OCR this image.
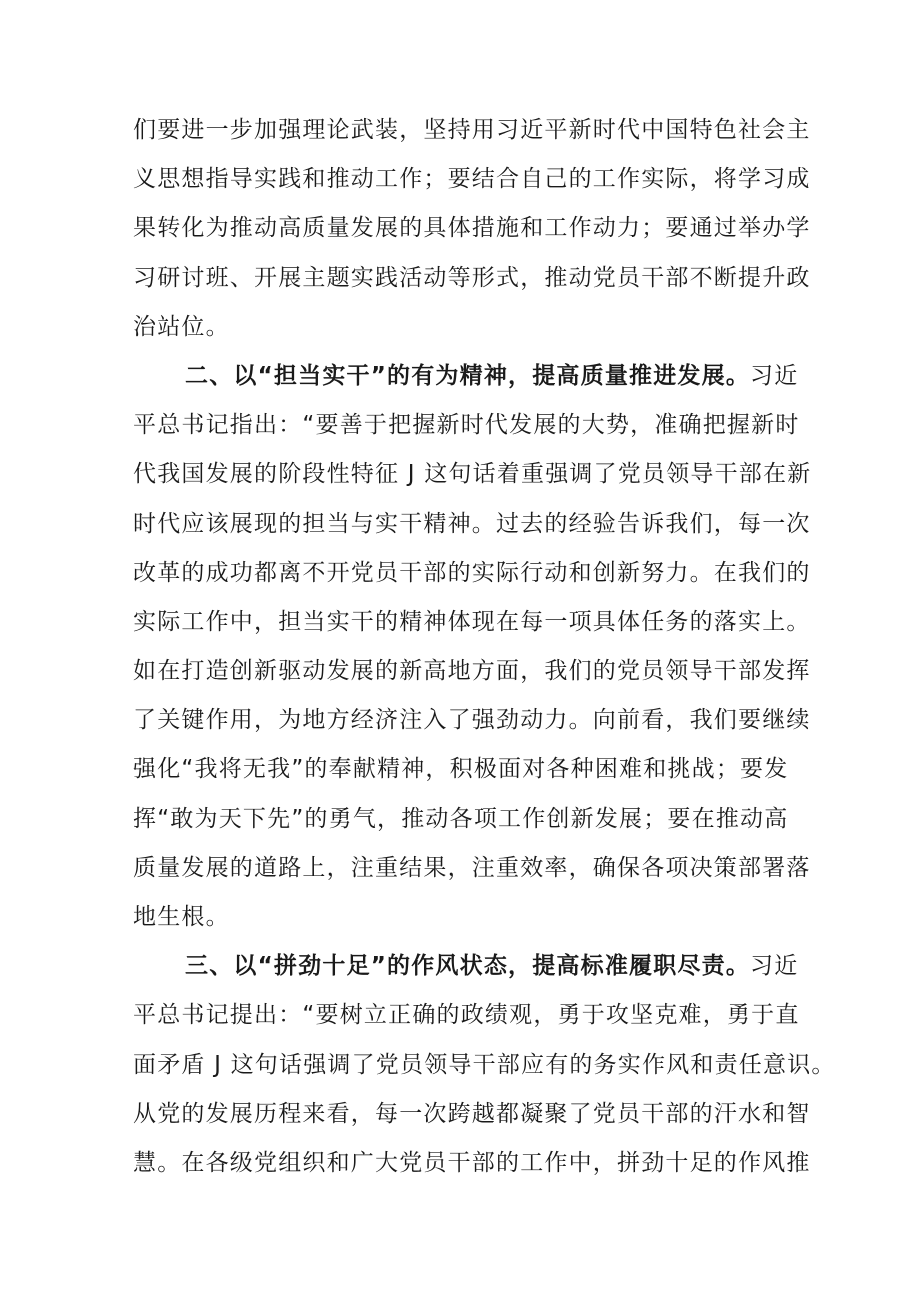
们要进一步加强理论武装，坚持用习近平新时代中国特色社会主
义思想指导实践和推动工作；要结合自己的工作实际，将学习成
果转化为推动高质量发展的具体措施和工作动力；要通过举办学
习研讨班、开展主题实践活动等形式，推动党员干部不断提升政
治站位。
二、以“担当实干”的有为精神，提高质量推进发展。习近
平总书记指出：“要善于把握新时代发展的大势，准确把握新时
代我国发展的阶段性特征 J 这句话着重强调了党员领导干部在新
时代应该展现的担当与实干精神。过去的经验告诉我们，每一次
改革的成功都离不开党员干部的实际行动和创新努力。在我们的
实际工作中，担当实干的精神体现在每一项具体任务的落实上。
如在打造创新驱动发展的新高地方面，我们的党员领导干部发挥
了关键作用，为地方经济注入了强劲动力。向前看，我们要继续
强化“我将无我”的奉献精神，积极面对各种困难和挑战；要发
挥“敢为天下先”的勇气，推动各项工作创新发展；要在推动高
质量发展的道路上，注重结果，注重效率，确保各项决策部署落
地生根。
三、以“拼劲十足”的作风状态，提高标准履职尽责。习近
平总书记提出：“要树立正确的政绩观，勇于攻坚克难，勇于直
面矛盾 J 这句话强调了党员领导干部应有的务实作风和责任意识。
从党的发展历程来看，每一次跨越都凝聚了党员干部的汗水和智
慧。在各级党组织和广大党员干部的工作中，拼劲十足的作风推
